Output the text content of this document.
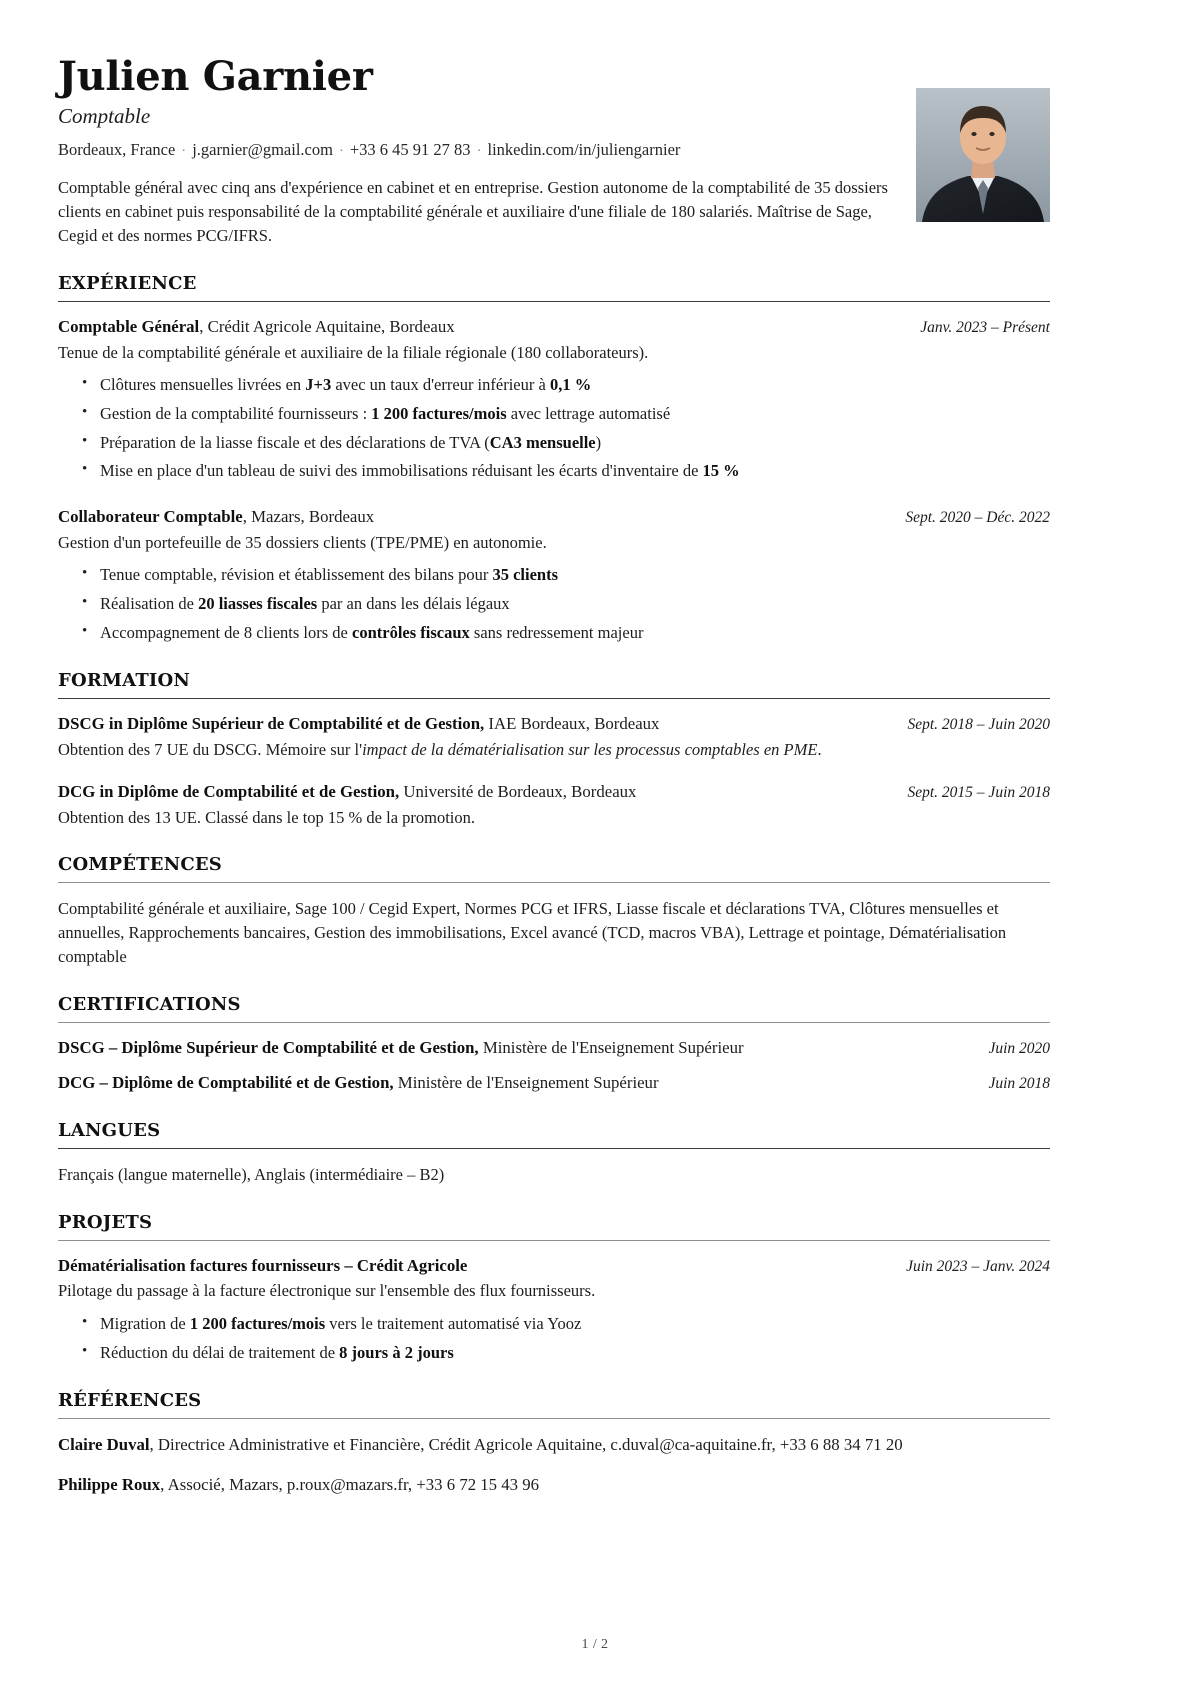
Julien Garnier
Comptable
Bordeaux, France · j.garnier@gmail.com · +33 6 45 91 27 83 · linkedin.com/in/juliengarnier

Comptable général avec cinq ans d'expérience en cabinet et en entreprise. Gestion autonome de la comptabilité de 35 dossiers clients en cabinet puis responsabilité de la comptabilité générale et auxiliaire d'une filiale de 180 salariés. Maîtrise de Sage, Cegid et des normes PCG/IFRS.

EXPÉRIENCE
Comptable Général, Crédit Agricole Aquitaine, Bordeaux	Janv. 2023 – Présent

Tenue de la comptabilité générale et auxiliaire de la filiale régionale (180 collaborateurs).

• Clôtures mensuelles livrées en J+3 avec un taux d'erreur inférieur à 0,1 %
• Gestion de la comptabilité fournisseurs : 1 200 factures/mois avec lettrage automatisé
• Préparation de la liasse fiscale et des déclarations de TVA (CA3 mensuelle)
• Mise en place d'un tableau de suivi des immobilisations réduisant les écarts d'inventaire de 15 %
Collaborateur Comptable, Mazars, Bordeaux	Sept. 2020 – Déc. 2022

Gestion d'un portefeuille de 35 dossiers clients (TPE/PME) en autonomie.

• Tenue comptable, révision et établissement des bilans pour 35 clients
• Réalisation de 20 liasses fiscales par an dans les délais légaux
• Accompagnement de 8 clients lors de contrôles fiscaux sans redressement majeur
FORMATION
DSCG in Diplôme Supérieur de Comptabilité et de Gestion, IAE Bordeaux, Bordeaux	Sept. 2018 – Juin 2020

Obtention des 7 UE du DSCG. Mémoire sur l'impact de la dématérialisation sur les processus comptables en PME.

DCG in Diplôme de Comptabilité et de Gestion, Université de Bordeaux, Bordeaux	Sept. 2015 – Juin 2018

Obtention des 13 UE. Classé dans le top 15 % de la promotion.

COMPÉTENCES

Comptabilité générale et auxiliaire, Sage 100 / Cegid Expert, Normes PCG et IFRS, Liasse fiscale et déclarations TVA, Clôtures mensuelles et annuelles, Rapprochements bancaires, Gestion des immobilisations, Excel avancé (TCD, macros VBA), Lettrage et pointage, Dématérialisation comptable

CERTIFICATIONS
DSCG – Diplôme Supérieur de Comptabilité et de Gestion, Ministère de l'Enseignement Supérieur	Juin 2020
DCG – Diplôme de Comptabilité et de Gestion, Ministère de l'Enseignement Supérieur	Juin 2018
LANGUES

Français (langue maternelle), Anglais (intermédiaire – B2)

PROJETS
Dématérialisation factures fournisseurs – Crédit Agricole	Juin 2023 – Janv. 2024

Pilotage du passage à la facture électronique sur l'ensemble des flux fournisseurs.

• Migration de 1 200 factures/mois vers le traitement automatisé via Yooz
• Réduction du délai de traitement de 8 jours à 2 jours
RÉFÉRENCES
Claire Duval, Directrice Administrative et Financière, Crédit Agricole Aquitaine, c.duval@ca-aquitaine.fr, +33 6 88 34 71 20
Philippe Roux, Associé, Mazars, p.roux@mazars.fr, +33 6 72 15 43 96
1 / 2
